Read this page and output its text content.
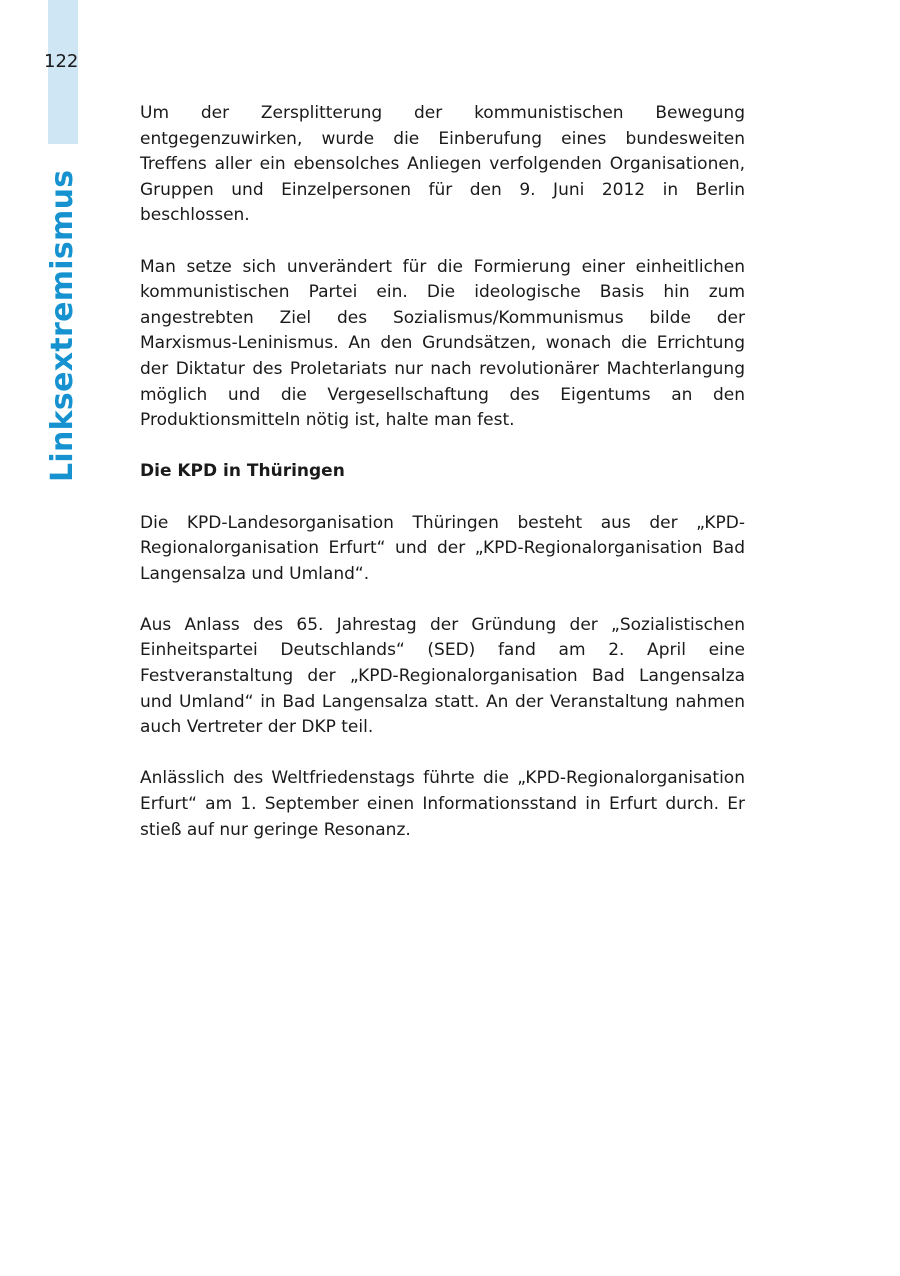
122
Linksextremismus

Um der Zersplitterung der kommunistischen Bewegung entgegenzuwirken, wurde die Einberufung eines bundesweiten Treffens aller ein ebensolches Anliegen verfolgenden Organisationen, Gruppen und Einzelpersonen für den 9. Juni 2012 in Berlin beschlossen.

Man setze sich unverändert für die Formierung einer einheitlichen kommunistischen Partei ein. Die ideologische Basis hin zum angestrebten Ziel des Sozialismus/Kommunismus bilde der Marxismus-Leninismus. An den Grundsätzen, wonach die Errichtung der Diktatur des Proletariats nur nach revolutionärer Machterlangung möglich und die Vergesellschaftung des Eigentums an den Produktionsmitteln nötig ist, halte man fest.

Die KPD in Thüringen

Die KPD-Landesorganisation Thüringen besteht aus der „KPD-Regionalorganisation Erfurt“ und der „KPD-Regionalorganisation Bad Langensalza und Umland“.

Aus Anlass des 65. Jahrestag der Gründung der „Sozialistischen Einheitspartei Deutschlands“ (SED) fand am 2. April eine Festveranstaltung der „KPD-Regionalorganisation Bad Langensalza und Umland“ in Bad Langensalza statt. An der Veranstaltung nahmen auch Vertreter der DKP teil.

Anlässlich des Weltfriedenstags führte die „KPD-Regionalorganisation Erfurt“ am 1. September einen Informationsstand in Erfurt durch. Er stieß auf nur geringe Resonanz.
